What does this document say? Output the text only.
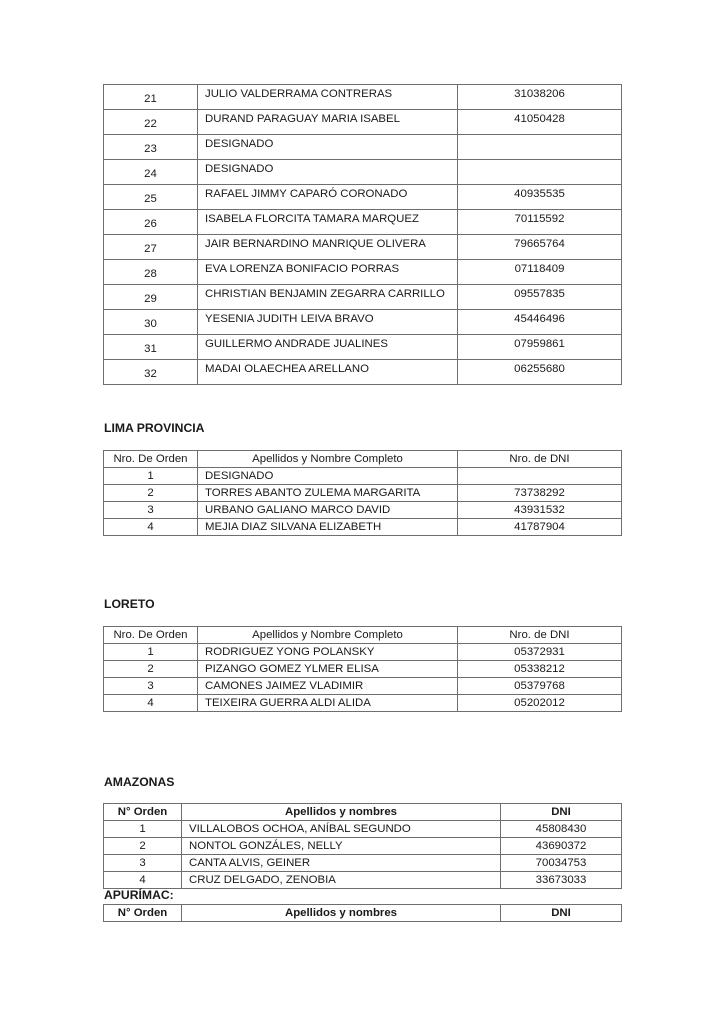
21	JULIO VALDERRAMA CONTRERAS	31038206
22	DURAND PARAGUAY MARIA ISABEL	41050428
23	DESIGNADO	
24	DESIGNADO	
25	RAFAEL JIMMY CAPARÓ CORONADO	40935535
26	ISABELA FLORCITA TAMARA MARQUEZ	70115592
27	JAIR BERNARDINO MANRIQUE OLIVERA	79665764
28	EVA LORENZA BONIFACIO PORRAS	07118409
29	CHRISTIAN BENJAMIN ZEGARRA CARRILLO	09557835
30	YESENIA JUDITH LEIVA BRAVO	45446496
31	GUILLERMO ANDRADE JUALINES	07959861
32	MADAI OLAECHEA ARELLANO	06255680
LIMA PROVINCIA
Nro. De Orden	Apellidos y Nombre Completo	Nro. de DNI
1	DESIGNADO	
2	TORRES ABANTO ZULEMA MARGARITA	73738292
3	URBANO GALIANO MARCO DAVID	43931532
4	MEJIA DIAZ SILVANA ELIZABETH	41787904
LORETO
Nro. De Orden	Apellidos y Nombre Completo	Nro. de DNI
1	RODRIGUEZ YONG POLANSKY	05372931
2	PIZANGO GOMEZ YLMER ELISA	05338212
3	CAMONES JAIMEZ VLADIMIR	05379768
4	TEIXEIRA GUERRA ALDI ALIDA	05202012
AMAZONAS
N° Orden	Apellidos y nombres	DNI
1	VILLALOBOS OCHOA, ANÍBAL SEGUNDO	45808430
2	NONTOL GONZÁLES, NELLY	43690372
3	CANTA ALVIS, GEINER	70034753
4	CRUZ DELGADO, ZENOBIA	33673033
APURÍMAC:
N° Orden	Apellidos y nombres	DNI
